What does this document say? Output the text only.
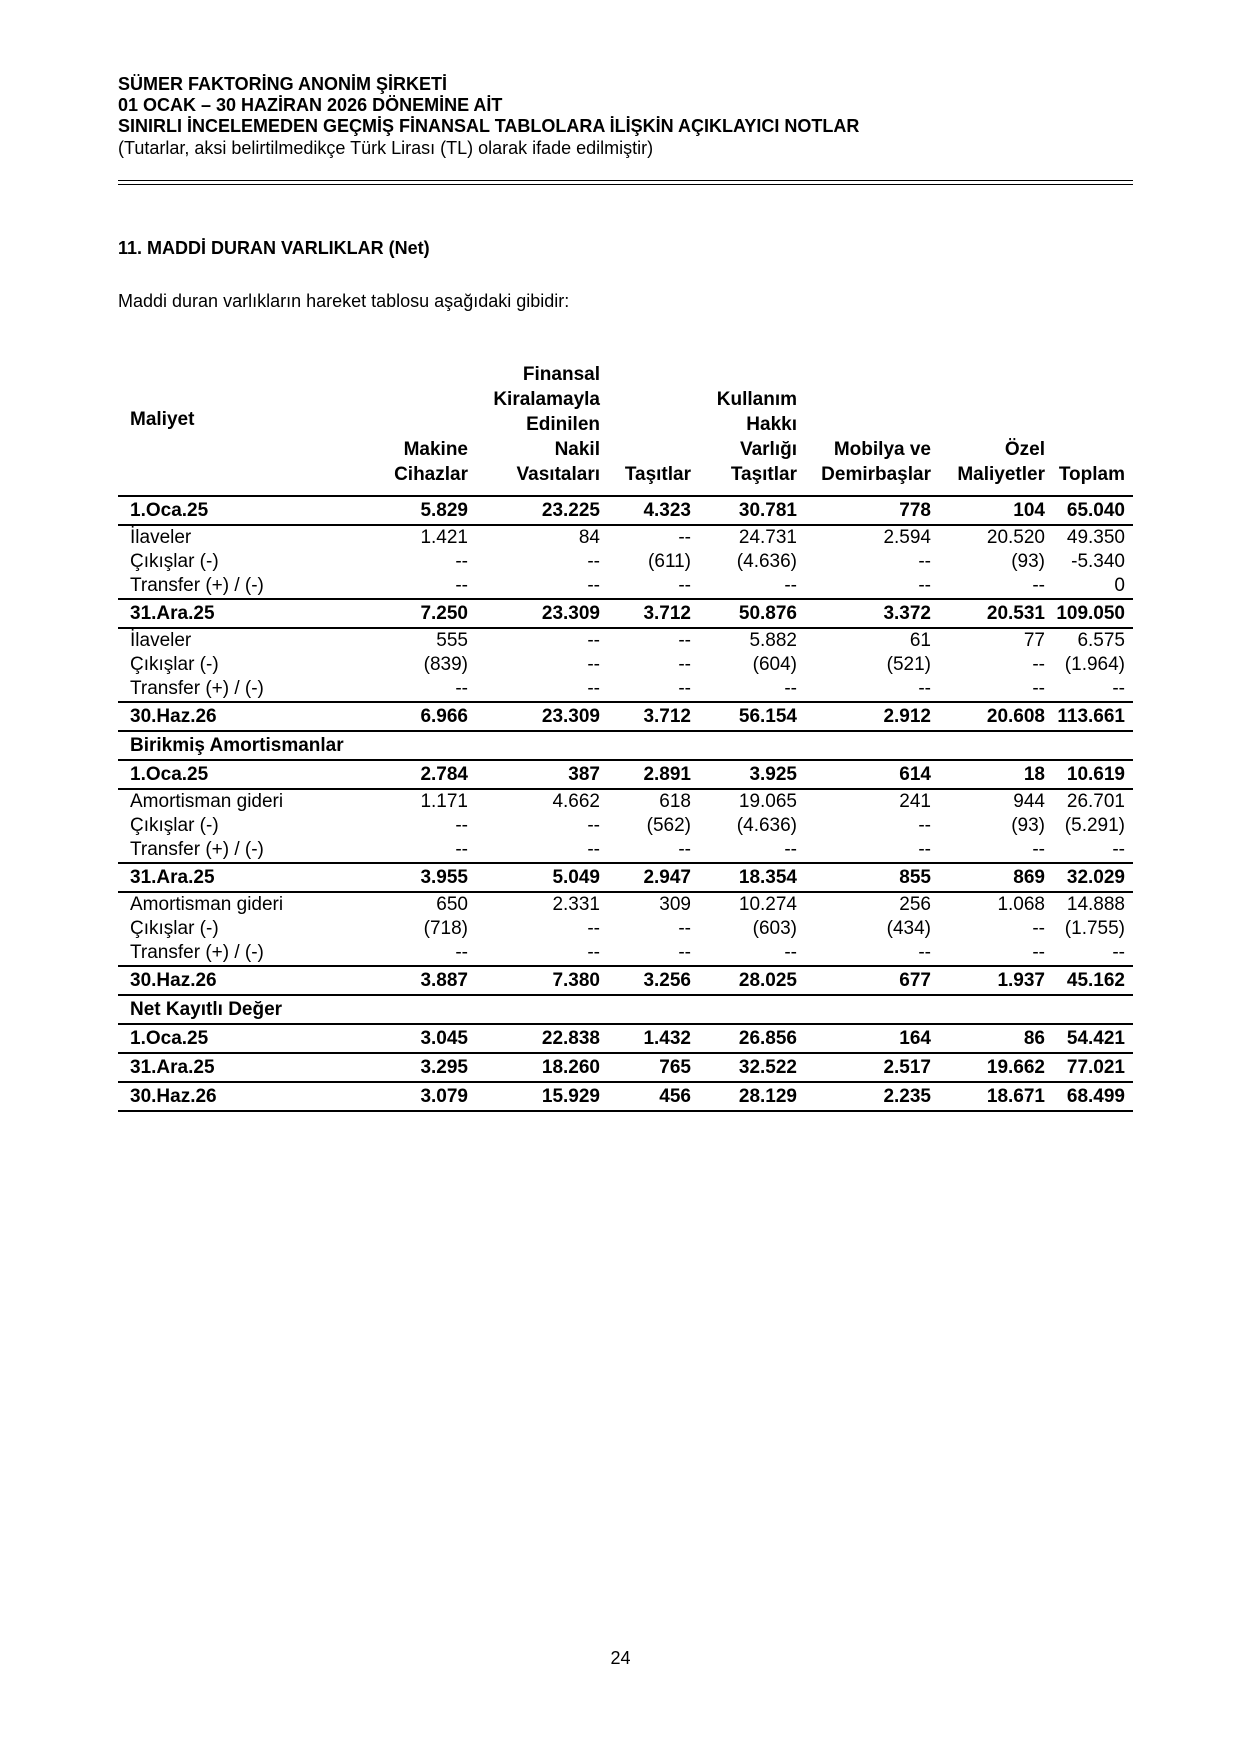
SÜMER FAKTORİNG ANONİM ŞİRKETİ
01 OCAK – 30 HAZİRAN 2026 DÖNEMİNE AİT
SINIRLI İNCELEMEDEN GEÇMİŞ FİNANSAL TABLOLARA İLİŞKİN AÇIKLAYICI NOTLAR
(Tutarlar, aksi belirtilmedikçe Türk Lirası (TL) olarak ifade edilmiştir)
11. MADDİ DURAN VARLIKLAR (Net)
Maddi duran varlıkların hareket tablosu aşağıdaki gibidir:
Maliyet	Makine Cihazlar	Finansal Kiralamayla Edinilen Nakil Vasıtaları	Taşıtlar	Kullanım Hakkı Varlığı Taşıtlar	Mobilya ve Demirbaşlar	Özel Maliyetler	Toplam
1.Oca.25	5.829	23.225	4.323	30.781	778	104	65.040
İlaveler	1.421	84	--	24.731	2.594	20.520	49.350
Çıkışlar (-)	--	--	(611)	(4.636)	--	(93)	-5.340
Transfer (+) / (-)	--	--	--	--	--	--	0
31.Ara.25	7.250	23.309	3.712	50.876	3.372	20.531	109.050
İlaveler	555	--	--	5.882	61	77	6.575
Çıkışlar (-)	(839)	--	--	(604)	(521)	--	(1.964)
Transfer (+) / (-)	--	--	--	--	--	--	--
30.Haz.26	6.966	23.309	3.712	56.154	2.912	20.608	113.661
Birikmiş Amortismanlar							
1.Oca.25	2.784	387	2.891	3.925	614	18	10.619
Amortisman gideri	1.171	4.662	618	19.065	241	944	26.701
Çıkışlar (-)	--	--	(562)	(4.636)	--	(93)	(5.291)
Transfer (+) / (-)	--	--	--	--	--	--	--
31.Ara.25	3.955	5.049	2.947	18.354	855	869	32.029
Amortisman gideri	650	2.331	309	10.274	256	1.068	14.888
Çıkışlar (-)	(718)	--	--	(603)	(434)	--	(1.755)
Transfer (+) / (-)	--	--	--	--	--	--	--
30.Haz.26	3.887	7.380	3.256	28.025	677	1.937	45.162
Net Kayıtlı Değer							
1.Oca.25	3.045	22.838	1.432	26.856	164	86	54.421
31.Ara.25	3.295	18.260	765	32.522	2.517	19.662	77.021
30.Haz.26	3.079	15.929	456	28.129	2.235	18.671	68.499
24
